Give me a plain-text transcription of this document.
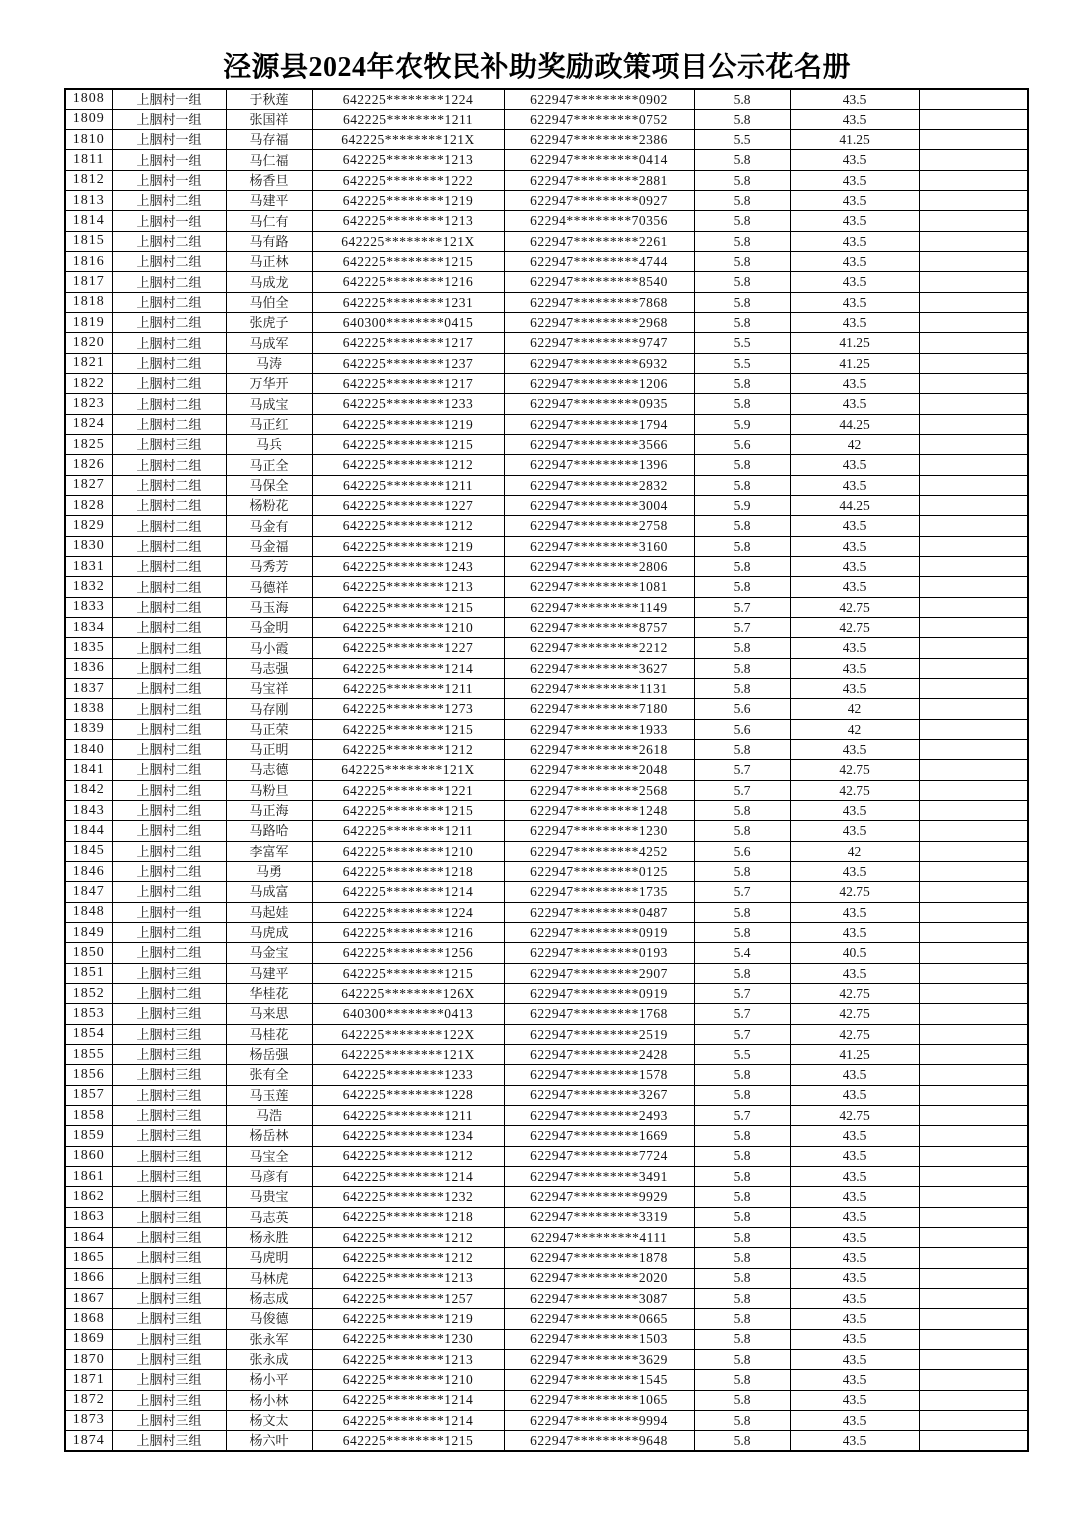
泾源县2024年农牧民补助奖励政策项目公示花名册
1808	上胭村一组	于秋莲	642225********1224	622947*********0902	5.8	43.5	
1809	上胭村一组	张国祥	642225********1211	622947*********0752	5.8	43.5	
1810	上胭村一组	马存福	642225********121X	622947*********2386	5.5	41.25	
1811	上胭村一组	马仁福	642225********1213	622947*********0414	5.8	43.5	
1812	上胭村一组	杨香旦	642225********1222	622947*********2881	5.8	43.5	
1813	上胭村二组	马建平	642225********1219	622947*********0927	5.8	43.5	
1814	上胭村一组	马仁有	642225********1213	62294*********70356	5.8	43.5	
1815	上胭村二组	马有路	642225********121X	622947*********2261	5.8	43.5	
1816	上胭村二组	马正林	642225********1215	622947*********4744	5.8	43.5	
1817	上胭村二组	马成龙	642225********1216	622947*********8540	5.8	43.5	
1818	上胭村二组	马伯全	642225********1231	622947*********7868	5.8	43.5	
1819	上胭村二组	张虎子	640300********0415	622947*********2968	5.8	43.5	
1820	上胭村二组	马成军	642225********1217	622947*********9747	5.5	41.25	
1821	上胭村二组	马涛	642225********1237	622947*********6932	5.5	41.25	
1822	上胭村二组	万华开	642225********1217	622947*********1206	5.8	43.5	
1823	上胭村二组	马成宝	642225********1233	622947*********0935	5.8	43.5	
1824	上胭村二组	马正红	642225********1219	622947*********1794	5.9	44.25	
1825	上胭村三组	马兵	642225********1215	622947*********3566	5.6	42	
1826	上胭村二组	马正全	642225********1212	622947*********1396	5.8	43.5	
1827	上胭村二组	马保全	642225********1211	622947*********2832	5.8	43.5	
1828	上胭村二组	杨粉花	642225********1227	622947*********3004	5.9	44.25	
1829	上胭村二组	马金有	642225********1212	622947*********2758	5.8	43.5	
1830	上胭村二组	马金福	642225********1219	622947*********3160	5.8	43.5	
1831	上胭村二组	马秀芳	642225********1243	622947*********2806	5.8	43.5	
1832	上胭村二组	马德祥	642225********1213	622947*********1081	5.8	43.5	
1833	上胭村二组	马玉海	642225********1215	622947*********1149	5.7	42.75	
1834	上胭村二组	马金明	642225********1210	622947*********8757	5.7	42.75	
1835	上胭村二组	马小霞	642225********1227	622947*********2212	5.8	43.5	
1836	上胭村二组	马志强	642225********1214	622947*********3627	5.8	43.5	
1837	上胭村二组	马宝祥	642225********1211	622947*********1131	5.8	43.5	
1838	上胭村二组	马存刚	642225********1273	622947*********7180	5.6	42	
1839	上胭村二组	马正荣	642225********1215	622947*********1933	5.6	42	
1840	上胭村二组	马正明	642225********1212	622947*********2618	5.8	43.5	
1841	上胭村二组	马志德	642225********121X	622947*********2048	5.7	42.75	
1842	上胭村二组	马粉旦	642225********1221	622947*********2568	5.7	42.75	
1843	上胭村二组	马正海	642225********1215	622947*********1248	5.8	43.5	
1844	上胭村二组	马路哈	642225********1211	622947*********1230	5.8	43.5	
1845	上胭村二组	李富军	642225********1210	622947*********4252	5.6	42	
1846	上胭村二组	马勇	642225********1218	622947*********0125	5.8	43.5	
1847	上胭村二组	马成富	642225********1214	622947*********1735	5.7	42.75	
1848	上胭村一组	马起娃	642225********1224	622947*********0487	5.8	43.5	
1849	上胭村二组	马虎成	642225********1216	622947*********0919	5.8	43.5	
1850	上胭村二组	马金宝	642225********1256	622947*********0193	5.4	40.5	
1851	上胭村三组	马建平	642225********1215	622947*********2907	5.8	43.5	
1852	上胭村二组	华桂花	642225********126X	622947*********0919	5.7	42.75	
1853	上胭村三组	马来思	640300********0413	622947*********1768	5.7	42.75	
1854	上胭村三组	马桂花	642225********122X	622947*********2519	5.7	42.75	
1855	上胭村三组	杨岳强	642225********121X	622947*********2428	5.5	41.25	
1856	上胭村三组	张有全	642225********1233	622947*********1578	5.8	43.5	
1857	上胭村三组	马玉莲	642225********1228	622947*********3267	5.8	43.5	
1858	上胭村三组	马浩	642225********1211	622947*********2493	5.7	42.75	
1859	上胭村三组	杨岳林	642225********1234	622947*********1669	5.8	43.5	
1860	上胭村三组	马宝全	642225********1212	622947*********7724	5.8	43.5	
1861	上胭村三组	马彦有	642225********1214	622947*********3491	5.8	43.5	
1862	上胭村三组	马贵宝	642225********1232	622947*********9929	5.8	43.5	
1863	上胭村三组	马志英	642225********1218	622947*********3319	5.8	43.5	
1864	上胭村三组	杨永胜	642225********1212	622947*********4111	5.8	43.5	
1865	上胭村三组	马虎明	642225********1212	622947*********1878	5.8	43.5	
1866	上胭村三组	马林虎	642225********1213	622947*********2020	5.8	43.5	
1867	上胭村三组	杨志成	642225********1257	622947*********3087	5.8	43.5	
1868	上胭村三组	马俊德	642225********1219	622947*********0665	5.8	43.5	
1869	上胭村三组	张永军	642225********1230	622947*********1503	5.8	43.5	
1870	上胭村三组	张永成	642225********1213	622947*********3629	5.8	43.5	
1871	上胭村三组	杨小平	642225********1210	622947*********1545	5.8	43.5	
1872	上胭村三组	杨小林	642225********1214	622947*********1065	5.8	43.5	
1873	上胭村三组	杨文太	642225********1214	622947*********9994	5.8	43.5	
1874	上胭村三组	杨六叶	642225********1215	622947*********9648	5.8	43.5	
